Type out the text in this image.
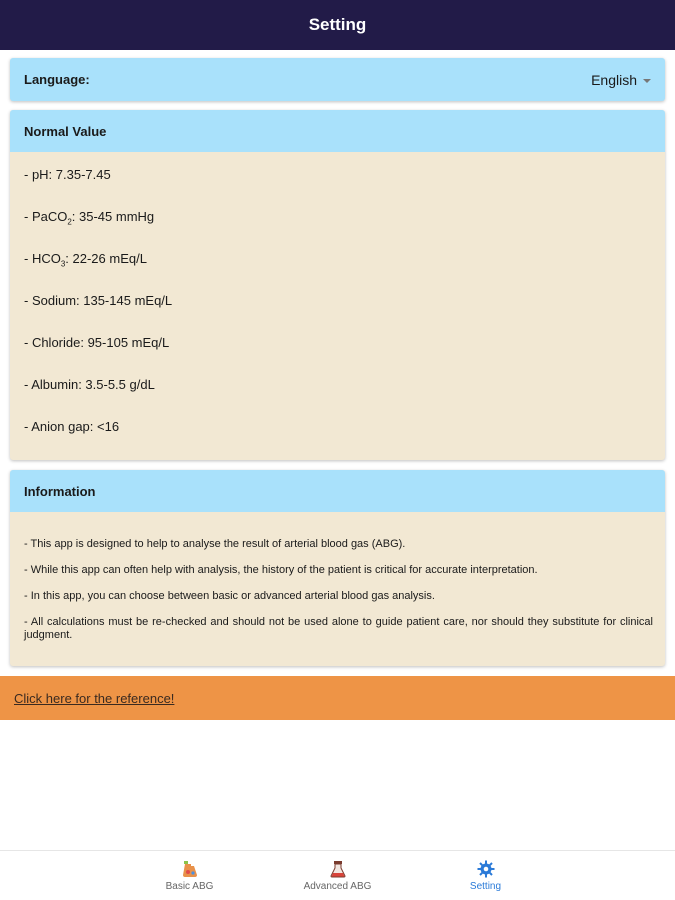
Setting
Language:	English
Normal Value
- pH: 7.35-7.45
- PaCO$_2$: 35-45 mmHg
- $HCO_3$: 22-26 mEq/L
- Sodium: 135-145 mEq/L
- Chloride: 95-105 mEq/L
- Albumin: 3.5-5.5 g/dL
- Anion gap: <16
Information

- This app is designed to help to analyse the result of arterial blood gas (ABG).

- While this app can often help with analysis, the history of the patient is critical for accurate interpretation.

- In this app, you can choose between basic or advanced arterial blood gas analysis.

- All calculations must be re-checked and should not be used alone to guide patient care, nor should they substitute for clinical judgment.

Click here for the reference!
Basic ABG	Advanced ABG	Setting
